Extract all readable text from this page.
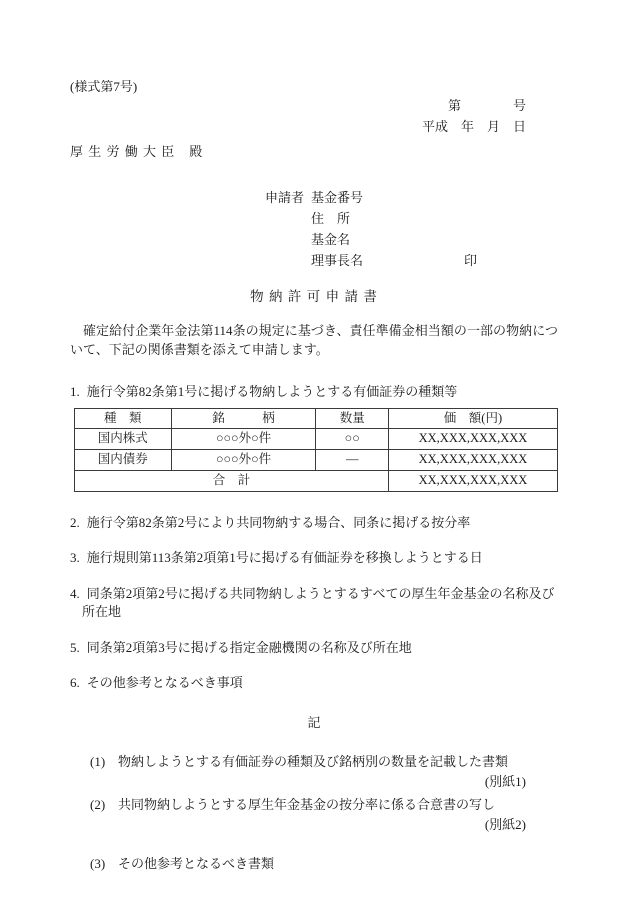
(様式第7号)

第　　　　号
平成　年　月　日
厚 生 労 働 大 臣　殿
申請者 基金番号
住　所
基金名
理事長名	印
物 納 許 可 申 請 書

確定給付企業年金法第114条の規定に基づき、責任準備金相当額の一部の物納について、下記の関係書類を添えて申請します。

1. 施行令第82条第1号に掲げる物納しようとする有価証券の種類等
種　類	銘　　　柄	数量	価　額(円)
国内株式	○○○外○件	○○	XX,XXX,XXX,XXX
国内債券	○○○外○件	―	XX,XXX,XXX,XXX
合　計			XX,XXX,XXX,XXX
2. 施行令第82条第2号により共同物納する場合、同条に掲げる按分率
3. 施行規則第113条第2項第1号に掲げる有価証券を移換しようとする日
4. 同条第2項第2号に掲げる共同物納しようとするすべての厚生年金基金の名称及び所在地
5. 同条第2項第3号に掲げる指定金融機関の名称及び所在地
6. その他参考となるべき事項
記
(1) 物納しようとする有価証券の種類及び銘柄別の数量を記載した書類
(別紙1)
(2) 共同物納しようとする厚生年金基金の按分率に係る合意書の写し
(別紙2)
(3) その他参考となるべき書類
